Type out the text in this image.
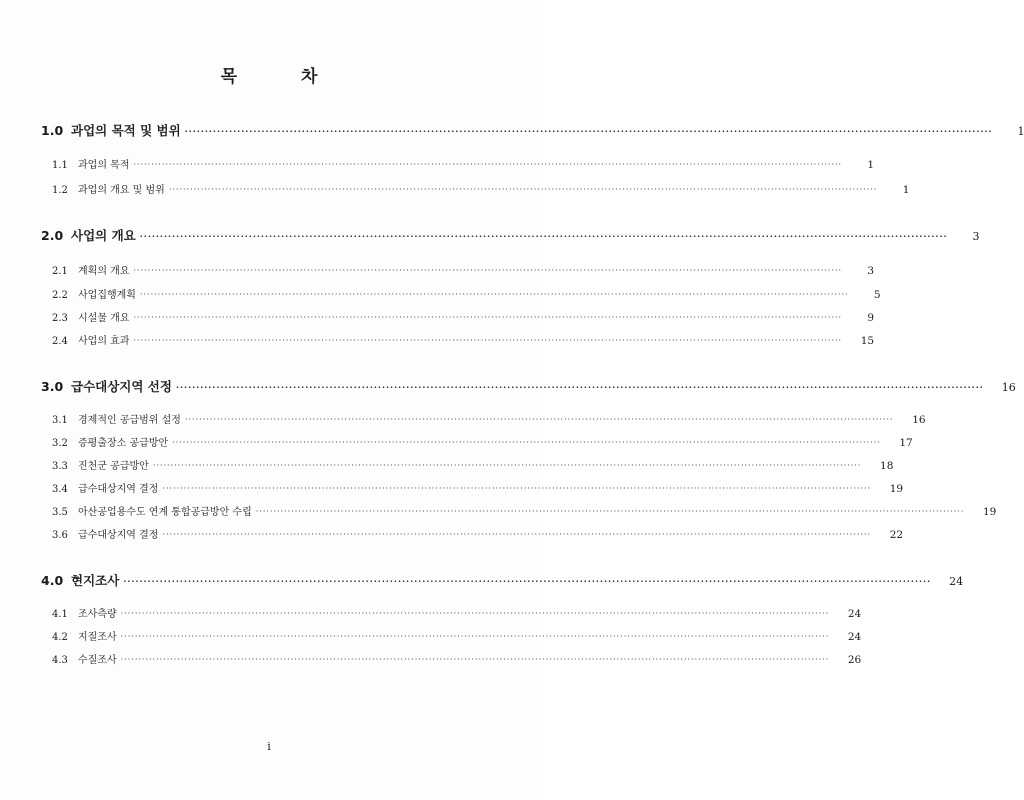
목	차
1.0 과업의 목적 및 범위 ········································································································································································································	1
1.1	과업의 목적 ········································································································································································································	1
1.2	과업의 개요 및 범위 ········································································································································································································	1
2.0 사업의 개요 ········································································································································································································	3
2.1	계획의 개요 ········································································································································································································	3
2.2	사업집행계획 ········································································································································································································	5
2.3	시설물 개요 ········································································································································································································	9
2.4	사업의 효과 ········································································································································································································	15
3.0 급수대상지역 선정 ········································································································································································································	16
3.1	경제적인 공급범위 설정 ········································································································································································································	16
3.2	증평출장소 공급방안 ········································································································································································································	17
3.3	진천군 공급방안 ········································································································································································································	18
3.4	급수대상지역 결정 ········································································································································································································	19
3.5	아산공업용수도 연계 통합공급방안 수립 ········································································································································································································	19
3.6	급수대상지역 결정 ········································································································································································································	22
4.0 현지조사 ········································································································································································································	24
4.1	조사측량 ········································································································································································································	24
4.2	지질조사 ········································································································································································································	24
4.3	수질조사 ········································································································································································································	26
i
